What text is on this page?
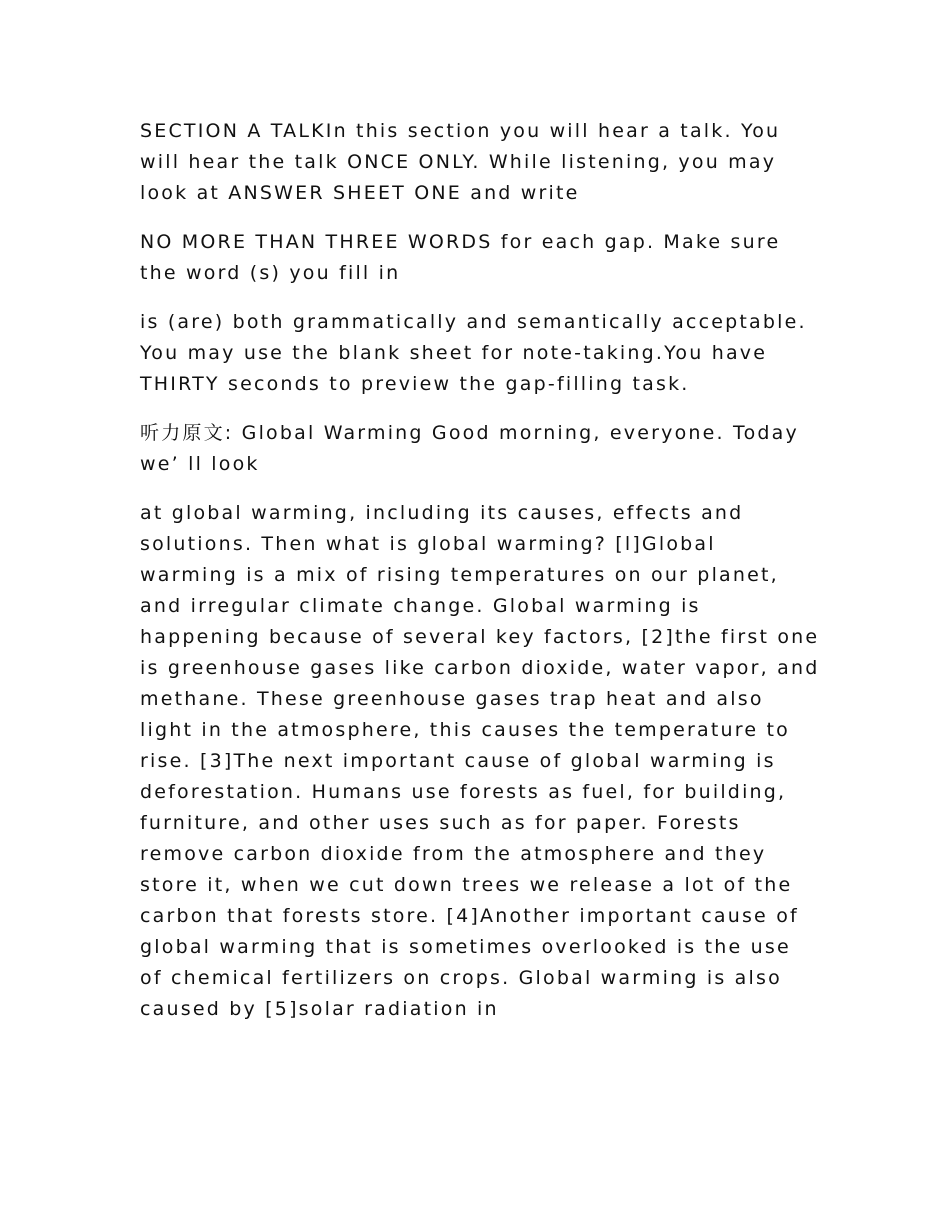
SECTION A TALKIn this section you will hear a talk. You will hear the talk ONCE ONLY. While listening, you may look at ANSWER SHEET ONE and write

NO MORE THAN THREE WORDS for each gap. Make sure the word (s) you fill in

is (are) both grammatically and semantically acceptable. You may use the blank sheet for note-taking.You have THIRTY seconds to preview the gap-filling task.

听力原文: Global Warming Good morning, everyone. Today we’ ll look

at global warming, including its causes, effects and solutions. Then what is global warming? [l]Global warming is a mix of rising temperatures on our planet, and irregular climate change. Global warming is happening because of several key factors, [2]the first one is greenhouse gases like carbon dioxide, water vapor, and methane. These greenhouse gases trap heat and also light in the atmosphere, this causes the temperature to rise. [3]The next important cause of global warming is deforestation. Humans use forests as fuel, for building, furniture, and other uses such as for paper. Forests remove carbon dioxide from the atmosphere and they store it, when we cut down trees we release a lot of the carbon that forests store. [4]Another important cause of global warming that is sometimes overlooked is the use of chemical fertilizers on crops. Global warming is also caused by [5]solar radiation in
